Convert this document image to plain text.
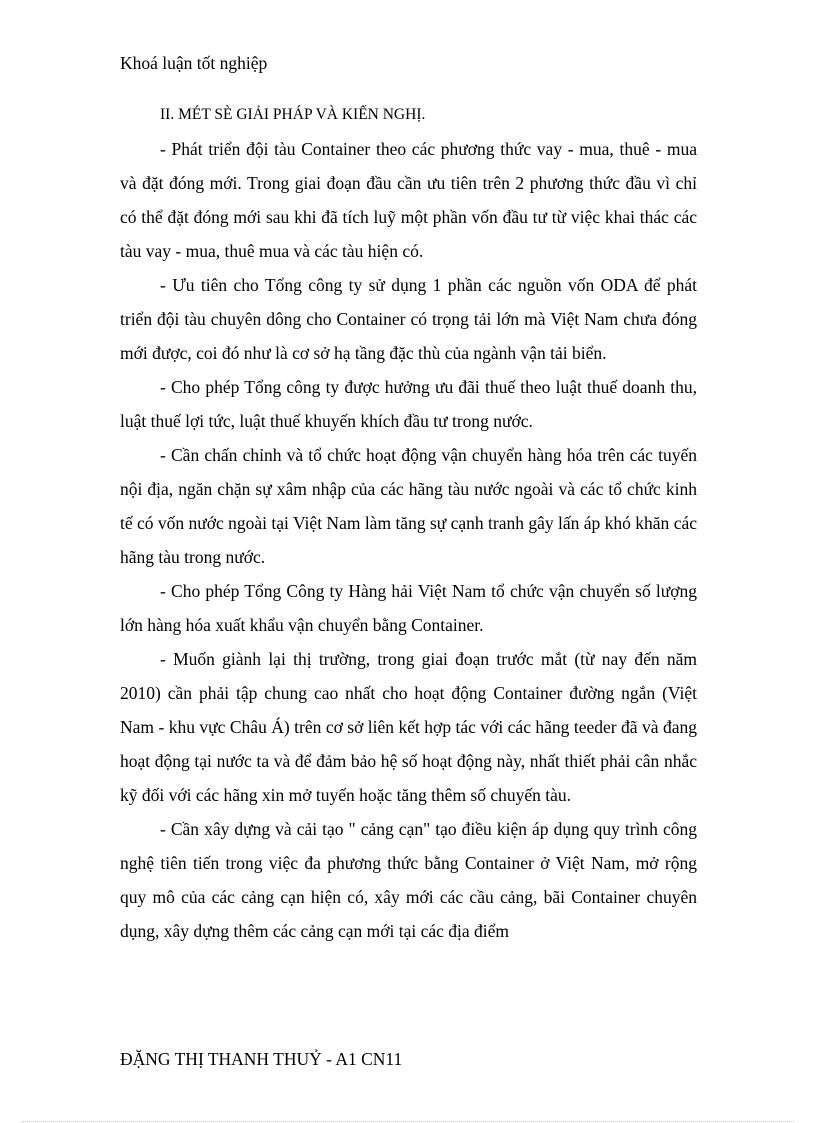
Khoá luận tốt nghiệp

II. MÉT SÈ GIẢI PHÁP VÀ KIẾN NGHỊ.

- Phát triển đội tàu Container theo các phương thức vay - mua, thuê - mua và đặt đóng mới. Trong giai đoạn đầu cần ưu tiên trên 2 phương thức đầu vì chỉ có thể đặt đóng mới sau khi đã tích luỹ một phần vốn đầu tư từ việc khai thác các tàu vay - mua, thuê mua và các tàu hiện có.

- Ưu tiên cho Tổng công ty sử dụng 1 phần các nguồn vốn ODA để phát triển đội tàu chuyên dông cho Container có trọng tải lớn mà Việt Nam chưa đóng mới được, coi đó như là cơ sở hạ tầng đặc thù của ngành vận tải biển.

- Cho phép Tổng công ty được hưởng ưu đãi thuế theo luật thuế doanh thu, luật thuế lợi tức, luật thuế khuyến khích đầu tư trong nước.

- Cần chấn chỉnh và tổ chức hoạt động vận chuyển hàng hóa trên các tuyến nội địa, ngăn chặn sự xâm nhập của các hãng tàu nước ngoài và các tổ chức kinh tế có vốn nước ngoài tại Việt Nam làm tăng sự cạnh tranh gây lấn áp khó khăn các hãng tàu trong nước.

- Cho phép Tổng Công ty Hàng hải Việt Nam tổ chức vận chuyển số lượng lớn hàng hóa xuất khẩu vận chuyển bằng Container.

- Muốn giành lại thị trường, trong giai đoạn trước mắt (từ nay đến năm 2010) cần phải tập chung cao nhất cho hoạt động Container đường ngắn (Việt Nam - khu vực Châu Á) trên cơ sở liên kết hợp tác với các hãng teeder đã và đang hoạt động tại nước ta và để đảm bảo hệ số hoạt động này, nhất thiết phải cân nhắc kỹ đối với các hãng xin mở tuyến hoặc tăng thêm số chuyến tàu.

- Cần xây dựng và cải tạo " cảng cạn" tạo điều kiện áp dụng quy trình công nghệ tiên tiến trong việc đa phương thức bằng Container ở Việt Nam, mở rộng quy mô của các cảng cạn hiện có, xây mới các cầu cảng, bãi Container chuyên dụng, xây dựng thêm các cảng cạn mới tại các địa điểm

ĐẶNG THỊ THANH THUỶ - A1 CN11
